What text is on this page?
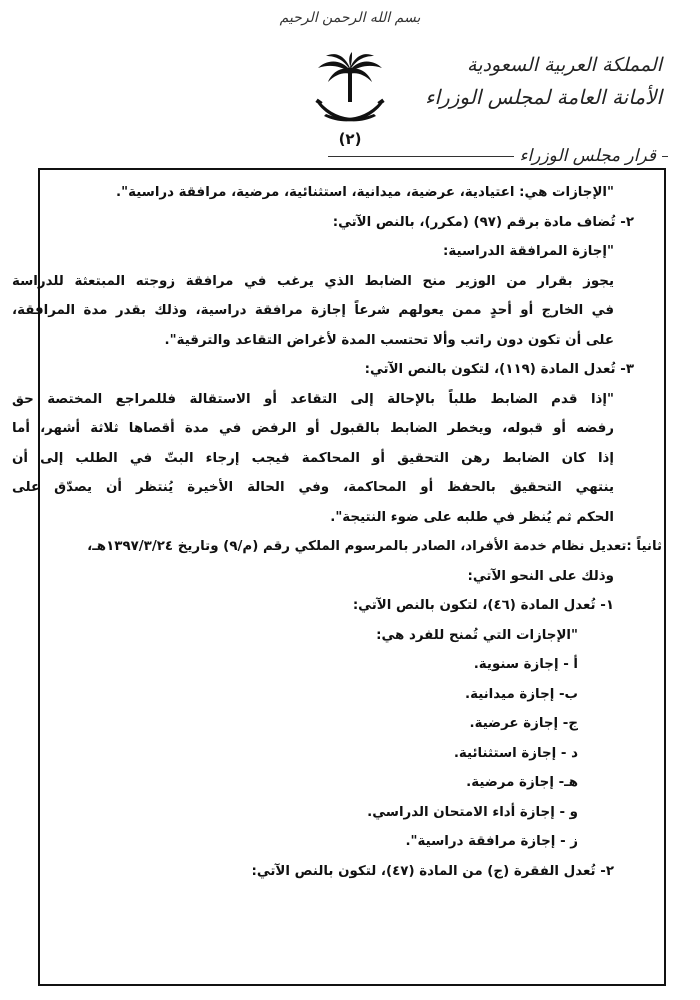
بسم الله الرحمن الرحيم
(٢)
المملكة العربية السعودية
الأمانة العامة لمجلس الوزراء
قرار مجلس الوزراء
"الإجازات هي: اعتيادية، عرضية، ميدانية، استثنائية، مرضية، مرافقة دراسية".
٢- تُضاف مادة برقم (٩٧) (مكرر)، بالنص الآتي:
"إجازة المرافقة الدراسية:
يجوز بقرار من الوزير منح الضابط الذي يرغب في مرافقة زوجته المبتعثة للدراسة
في الخارج أو أحدٍ ممن يعولهم شرعاً إجازة مرافقة دراسية، وذلك بقدر مدة المرافقة،
على أن تكون دون راتب وألا تحتسب المدة لأغراض التقاعد والترقية".
٣- تُعدل المادة (١١٩)، لتكون بالنص الآتي:
"إذا قدم الضابط طلباً بالإحالة إلى التقاعد أو الاستقالة فللمراجع المختصة حق
رفضه أو قبوله، ويخطر الضابط بالقبول أو الرفض في مدة أقصاها ثلاثة أشهر، أما
إذا كان الضابط رهن التحقيق أو المحاكمة فيجب إرجاء البتّ في الطلب إلى أن
ينتهي التحقيق بالحفظ أو المحاكمة، وفي الحالة الأخيرة يُنتظر أن يصدّق على
الحكم ثم يُنظر في طلبه على ضوء النتيجة".
ثانياً :تعديل نظام خدمة الأفراد، الصادر بالمرسوم الملكي رقم (م/٩) وتاريخ ١٣٩٧/٣/٢٤هـ،
وذلك على النحو الآتي:
١- تُعدل المادة (٤٦)، لتكون بالنص الآتي:
"الإجازات التي تُمنح للفرد هي:
أ - إجازة سنوية.
ب- إجازة ميدانية.
ج- إجازة عرضية.
د - إجازة استثنائية.
هـ- إجازة مرضية.
و - إجازة أداء الامتحان الدراسي.
ز - إجازة مرافقة دراسية".
٢- تُعدل الفقرة (ج) من المادة (٤٧)، لتكون بالنص الآتي:
